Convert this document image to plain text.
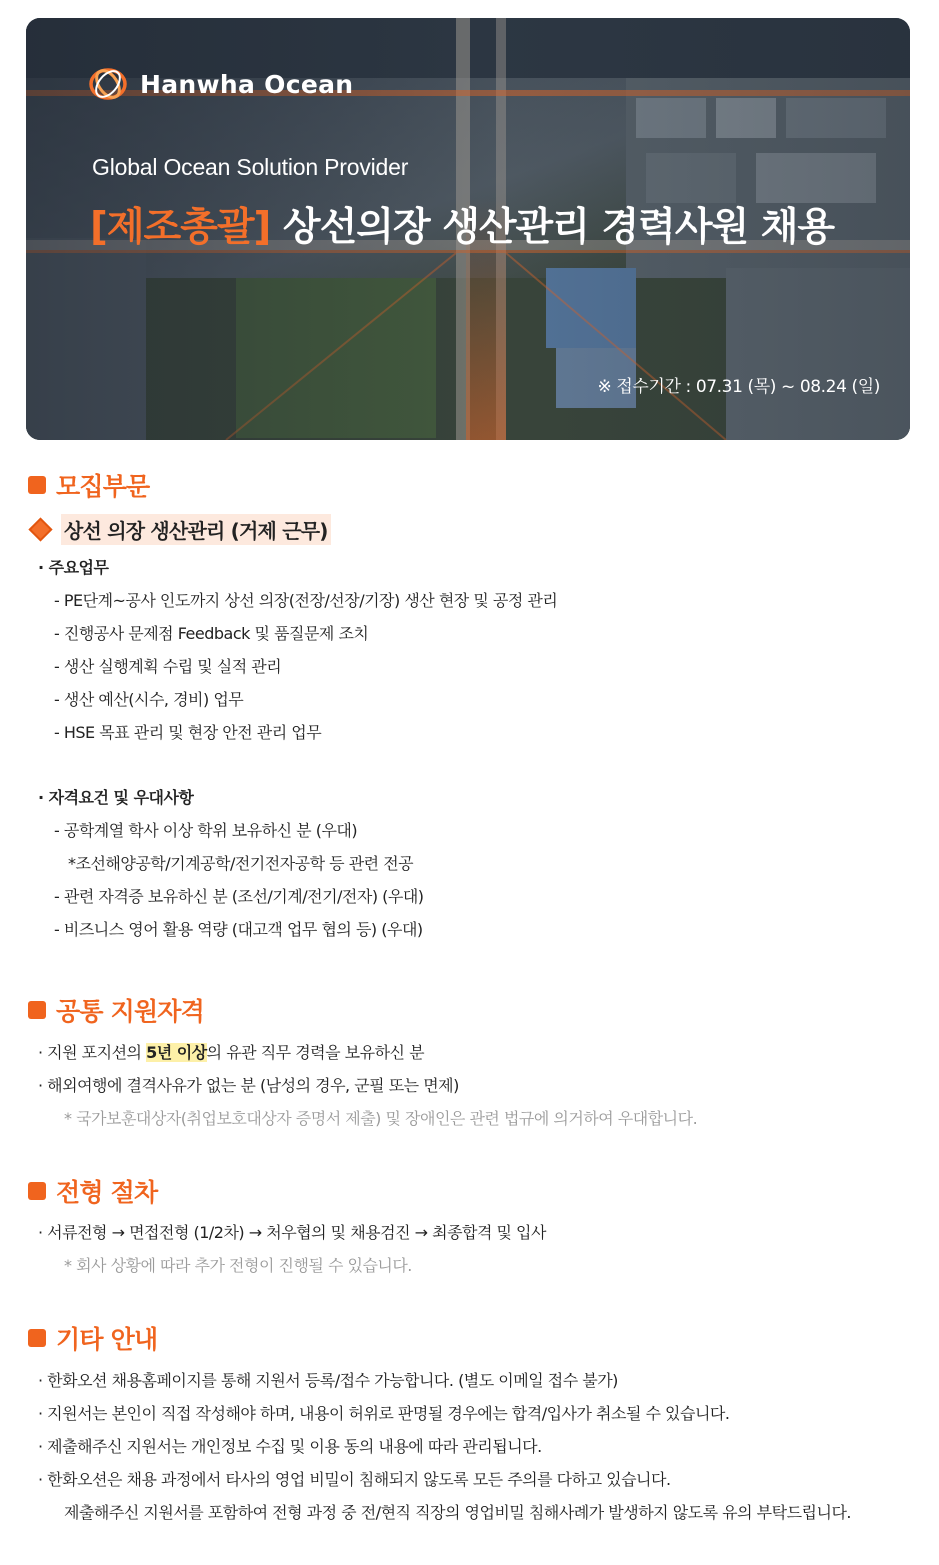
Hanwha Ocean
Global Ocean Solution Provider
[제조총괄] 상선의장 생산관리 경력사원 채용
※ 접수기간 : 07.31 (목) ~ 08.24 (일)
모집부문
상선 의장 생산관리 (거제 근무)
· 주요업무
- PE단계~공사 인도까지 상선 의장(전장/선장/기장) 생산 현장 및 공정 관리
- 진행공사 문제점 Feedback 및 품질문제 조치
- 생산 실행계획 수립 및 실적 관리
- 생산 예산(시수, 경비) 업무
- HSE 목표 관리 및 현장 안전 관리 업무
· 자격요건 및 우대사항
- 공학계열 학사 이상 학위 보유하신 분 (우대)
*조선해양공학/기계공학/전기전자공학 등 관련 전공
- 관련 자격증 보유하신 분 (조선/기계/전기/전자) (우대)
- 비즈니스 영어 활용 역량 (대고객 업무 협의 등) (우대)
공통 지원자격
· 지원 포지션의 5년 이상의 유관 직무 경력을 보유하신 분
· 해외여행에 결격사유가 없는 분 (남성의 경우, 군필 또는 면제)
* 국가보훈대상자(취업보호대상자 증명서 제출) 및 장애인은 관련 법규에 의거하여 우대합니다.
전형 절차
· 서류전형 → 면접전형 (1/2차) → 처우협의 및 채용검진 → 최종합격 및 입사
* 회사 상황에 따라 추가 전형이 진행될 수 있습니다.
기타 안내
· 한화오션 채용홈페이지를 통해 지원서 등록/접수 가능합니다. (별도 이메일 접수 불가)
· 지원서는 본인이 직접 작성해야 하며, 내용이 허위로 판명될 경우에는 합격/입사가 취소될 수 있습니다.
· 제출해주신 지원서는 개인정보 수집 및 이용 동의 내용에 따라 관리됩니다.
· 한화오션은 채용 과정에서 타사의 영업 비밀이 침해되지 않도록 모든 주의를 다하고 있습니다.
제출해주신 지원서를 포함하여 전형 과정 중 전/현직 직장의 영업비밀 침해사례가 발생하지 않도록 유의 부탁드립니다.
